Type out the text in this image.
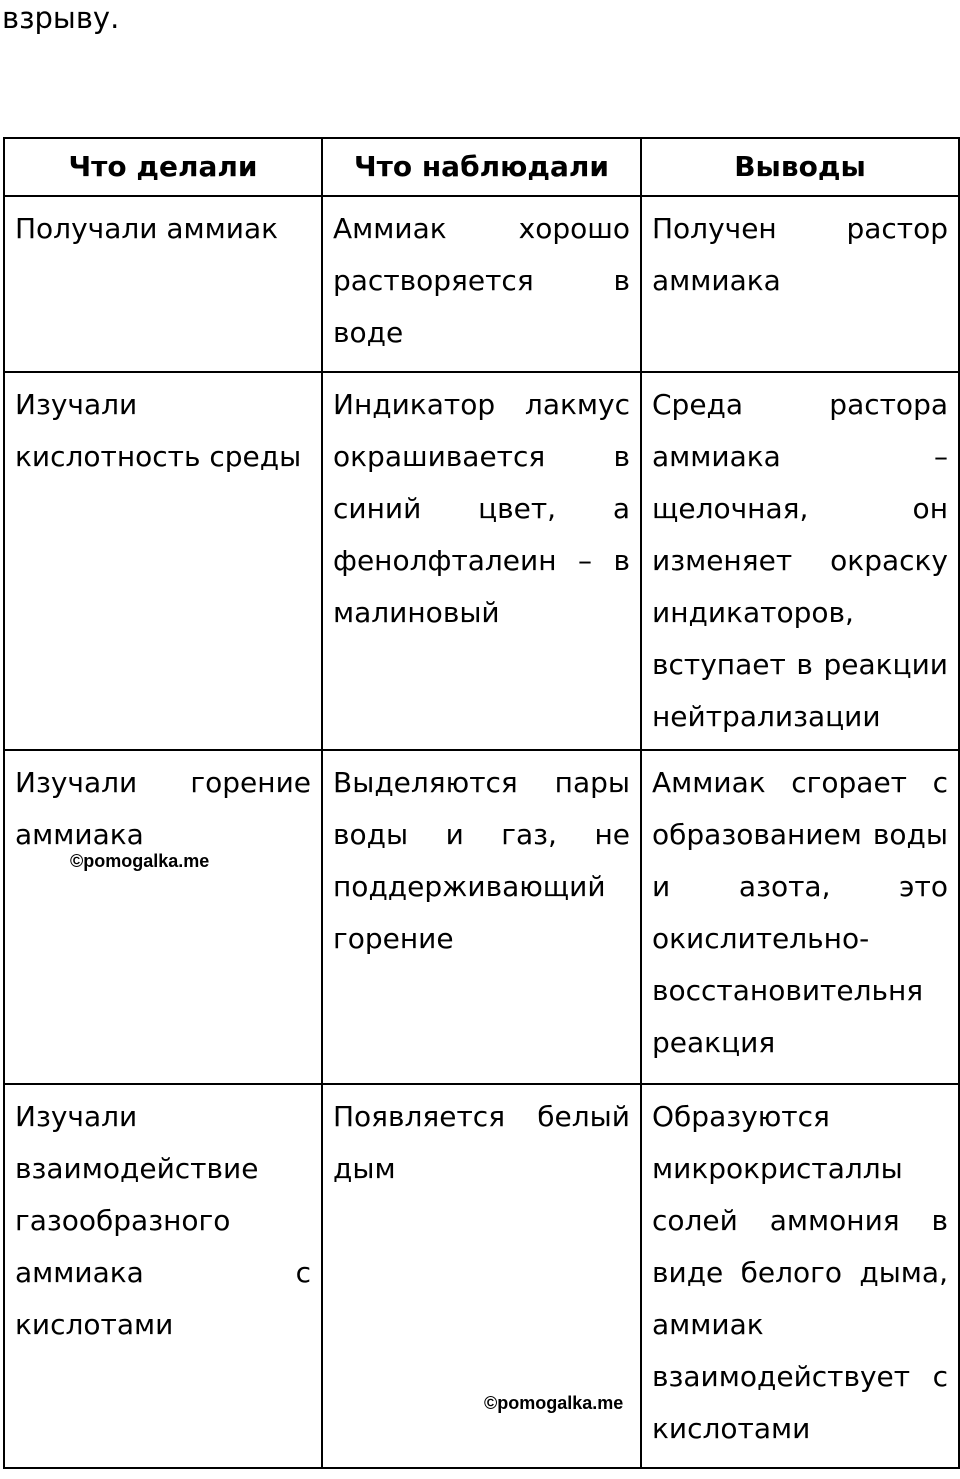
взрыву.

Что делали	Что наблюдали	Выводы
Получали аммиак	Аммиак хорошо растворяется в воде	Получен растор аммиака
Изучали кислотность среды	Индикатор лакмус окрашивается в синий цвет, а фенолфталеин – в малиновый	Среда растора аммиака – щелочная, он изменяет окраску индикаторов, вступает в реакции нейтрализации
Изучали горение аммиака	Выделяются пары воды и газ, не поддерживающий горение	Аммиак сгорает с образованием воды и азота, это окислительно-восстановительня реакция
Изучали взаимодействие газообразного аммиака с кислотами	Появляется белый дым	Образуются микрокристаллы солей аммония в виде белого дыма, аммиак взаимодействует с кислотами
©pomogalka.me
©pomogalka.me
